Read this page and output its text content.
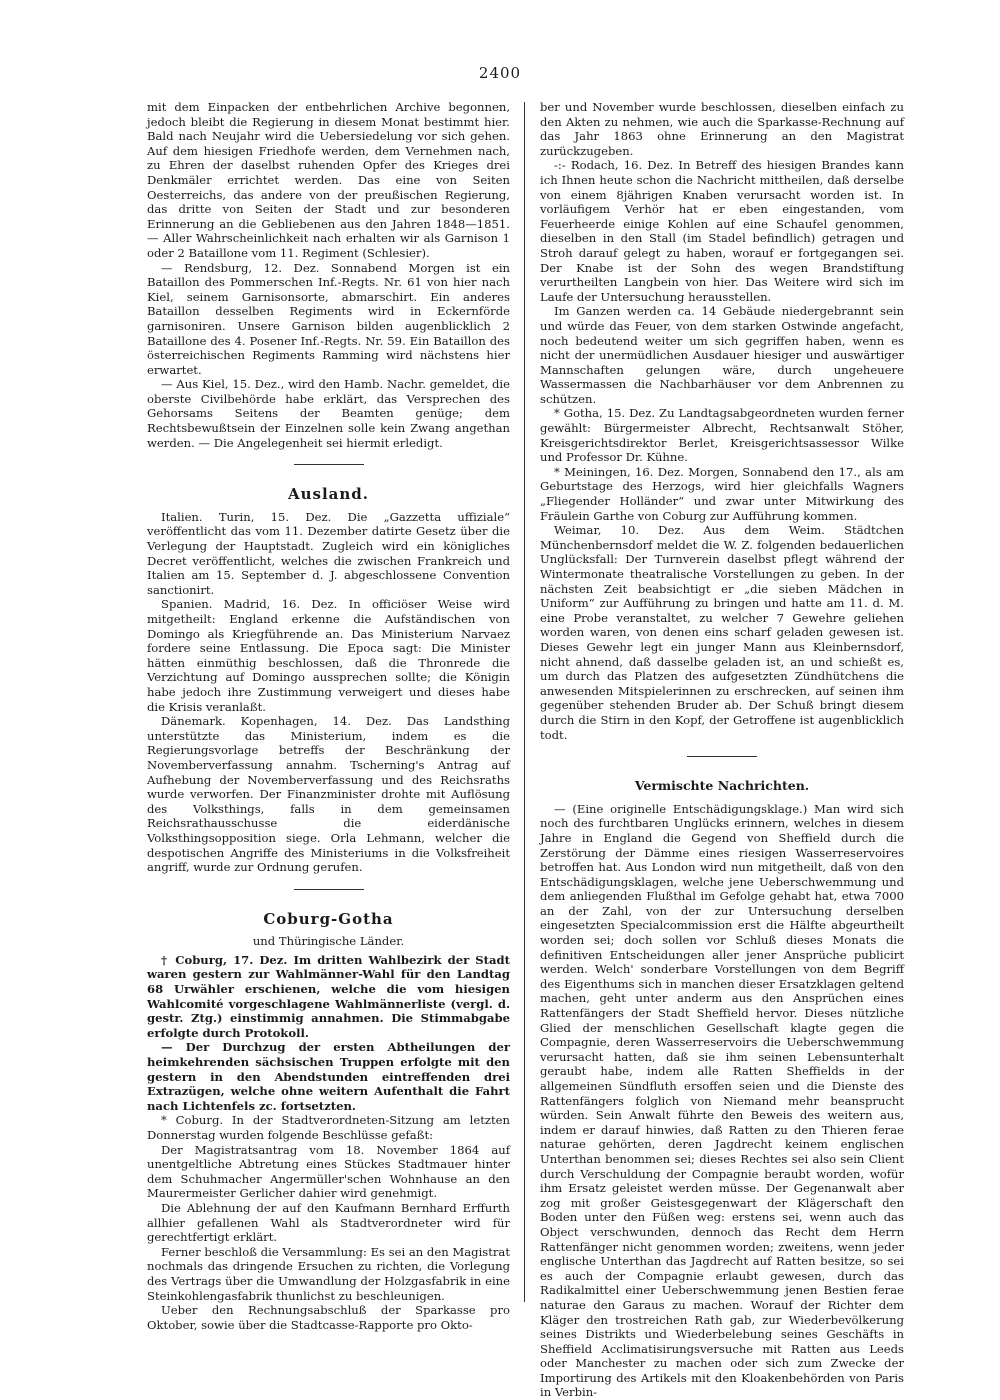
2400

mit dem Einpacken der entbehrlichen Archive begonnen, jedoch bleibt die Regierung in diesem Monat bestimmt hier. Bald nach Neujahr wird die Uebersiedelung vor sich gehen. Auf dem hiesigen Friedhofe werden, dem Vernehmen nach, zu Ehren der daselbst ruhenden Opfer des Krieges drei Denkmäler errichtet werden. Das eine von Seiten Oesterreichs, das andere von der preußischen Regierung, das dritte von Seiten der Stadt und zur besonderen Erinnerung an die Gebliebenen aus den Jahren 1848—1851. — Aller Wahrscheinlichkeit nach erhalten wir als Garnison 1 oder 2 Bataillone vom 11. Regiment (Schlesier).

— Rendsburg, 12. Dez. Sonnabend Morgen ist ein Bataillon des Pommerschen Inf.-Regts. Nr. 61 von hier nach Kiel, seinem Garnisonsorte, abmarschirt. Ein anderes Bataillon desselben Regiments wird in Eckernförde garnisoniren. Unsere Garnison bilden augenblicklich 2 Bataillone des 4. Posener Inf.-Regts. Nr. 59. Ein Bataillon des österreichischen Regiments Ramming wird nächstens hier erwartet.

— Aus Kiel, 15. Dez., wird den Hamb. Nachr. gemeldet, die oberste Civilbehörde habe erklärt, das Versprechen des Gehorsams Seitens der Beamten genüge; dem Rechtsbewußtsein der Einzelnen solle kein Zwang angethan werden. — Die Angelegenheit sei hiermit erledigt.

Ausland.

Italien. Turin, 15. Dez. Die „Gazzetta uffiziale“ veröffentlicht das vom 11. Dezember datirte Gesetz über die Verlegung der Hauptstadt. Zugleich wird ein königliches Decret veröffentlicht, welches die zwischen Frankreich und Italien am 15. September d. J. abgeschlossene Convention sanctionirt.

Spanien. Madrid, 16. Dez. In officiöser Weise wird mitgetheilt: England erkenne die Aufständischen von Domingo als Kriegführende an. Das Ministerium Narvaez fordere seine Entlassung. Die Epoca sagt: Die Minister hätten einmüthig beschlossen, daß die Thronrede die Verzichtung auf Domingo aussprechen sollte; die Königin habe jedoch ihre Zustimmung verweigert und dieses habe die Krisis veranlaßt.

Dänemark. Kopenhagen, 14. Dez. Das Landsthing unterstützte das Ministerium, indem es die Regierungsvorlage betreffs der Beschränkung der Novemberverfassung annahm. Tscherning's Antrag auf Aufhebung der Novemberverfassung und des Reichsraths wurde verworfen. Der Finanzminister drohte mit Auflösung des Volksthings, falls in dem gemeinsamen Reichsrathausschusse die eiderdänische Volksthingsopposition siege. Orla Lehmann, welcher die despotischen Angriffe des Ministeriums in die Volksfreiheit angriff, wurde zur Ordnung gerufen.

Coburg-Gotha
und Thüringische Länder.

† Coburg, 17. Dez. Im dritten Wahlbezirk der Stadt waren gestern zur Wahlmänner-Wahl für den Landtag 68 Urwähler erschienen, welche die vom hiesigen Wahlcomité vorgeschlagene Wahlmännerliste (vergl. d. gestr. Ztg.) einstimmig annahmen. Die Stimmabgabe erfolgte durch Protokoll.

— Der Durchzug der ersten Abtheilungen der heimkehrenden sächsischen Truppen erfolgte mit den gestern in den Abendstunden eintreffenden drei Extrazügen, welche ohne weitern Aufenthalt die Fahrt nach Lichtenfels zc. fortsetzten.

* Coburg. In der Stadtverordneten-Sitzung am letzten Donnerstag wurden folgende Beschlüsse gefaßt:

Der Magistratsantrag vom 18. November 1864 auf unentgeltliche Abtretung eines Stückes Stadtmauer hinter dem Schuhmacher Angermüller'schen Wohnhause an den Maurermeister Gerlicher dahier wird genehmigt.

Die Ablehnung der auf den Kaufmann Bernhard Erffurth allhier gefallenen Wahl als Stadtverordneter wird für gerechtfertigt erklärt.

Ferner beschloß die Versammlung: Es sei an den Magistrat nochmals das dringende Ersuchen zu richten, die Vorlegung des Vertrags über die Umwandlung der Holzgasfabrik in eine Steinkohlengasfabrik thunlichst zu beschleunigen.

Ueber den Rechnungsabschluß der Sparkasse pro Oktober, sowie über die Stadtcasse-Rapporte pro Okto-

ber und November wurde beschlossen, dieselben einfach zu den Akten zu nehmen, wie auch die Sparkasse-Rechnung auf das Jahr 1863 ohne Erinnerung an den Magistrat zurückzugeben.

-:- Rodach, 16. Dez. In Betreff des hiesigen Brandes kann ich Ihnen heute schon die Nachricht mittheilen, daß derselbe von einem 8jährigen Knaben verursacht worden ist. In vorläufigem Verhör hat er eben eingestanden, vom Feuerheerde einige Kohlen auf eine Schaufel genommen, dieselben in den Stall (im Stadel befindlich) getragen und Stroh darauf gelegt zu haben, worauf er fortgegangen sei. Der Knabe ist der Sohn des wegen Brandstiftung verurtheilten Langbein von hier. Das Weitere wird sich im Laufe der Untersuchung herausstellen.

Im Ganzen werden ca. 14 Gebäude niedergebrannt sein und würde das Feuer, von dem starken Ostwinde angefacht, noch bedeutend weiter um sich gegriffen haben, wenn es nicht der unermüdlichen Ausdauer hiesiger und auswärtiger Mannschaften gelungen wäre, durch ungeheuere Wassermassen die Nachbarhäuser vor dem Anbrennen zu schützen.

* Gotha, 15. Dez. Zu Landtagsabgeordneten wurden ferner gewählt: Bürgermeister Albrecht, Rechtsanwalt Stöher, Kreisgerichtsdirektor Berlet, Kreisgerichtsassessor Wilke und Professor Dr. Kühne.

* Meiningen, 16. Dez. Morgen, Sonnabend den 17., als am Geburtstage des Herzogs, wird hier gleichfalls Wagners „Fliegender Holländer“ und zwar unter Mitwirkung des Fräulein Garthe von Coburg zur Aufführung kommen.

Weimar, 10. Dez. Aus dem Weim. Städtchen Münchenbernsdorf meldet die W. Z. folgenden bedauerlichen Unglücksfall: Der Turnverein daselbst pflegt während der Wintermonate theatralische Vorstellungen zu geben. In der nächsten Zeit beabsichtigt er „die sieben Mädchen in Uniform“ zur Aufführung zu bringen und hatte am 11. d. M. eine Probe veranstaltet, zu welcher 7 Gewehre geliehen worden waren, von denen eins scharf geladen gewesen ist. Dieses Gewehr legt ein junger Mann aus Kleinbernsdorf, nicht ahnend, daß dasselbe geladen ist, an und schießt es, um durch das Platzen des aufgesetzten Zündhütchens die anwesenden Mitspielerinnen zu erschrecken, auf seinen ihm gegenüber stehenden Bruder ab. Der Schuß bringt diesem durch die Stirn in den Kopf, der Getroffene ist augenblicklich todt.

Vermischte Nachrichten.

— (Eine originelle Entschädigungsklage.) Man wird sich noch des furchtbaren Unglücks erinnern, welches in diesem Jahre in England die Gegend von Sheffield durch die Zerstörung der Dämme eines riesigen Wasserreservoires betroffen hat. Aus London wird nun mitgetheilt, daß von den Entschädigungsklagen, welche jene Ueberschwemmung und dem anliegenden Flußthal im Gefolge gehabt hat, etwa 7000 an der Zahl, von der zur Untersuchung derselben eingesetzten Specialcommission erst die Hälfte abgeurtheilt worden sei; doch sollen vor Schluß dieses Monats die definitiven Entscheidungen aller jener Ansprüche publicirt werden. Welch' sonderbare Vorstellungen von dem Begriff des Eigenthums sich in manchen dieser Ersatzklagen geltend machen, geht unter anderm aus den Ansprüchen eines Rattenfängers der Stadt Sheffield hervor. Dieses nützliche Glied der menschlichen Gesellschaft klagte gegen die Compagnie, deren Wasserreservoirs die Ueberschwemmung verursacht hatten, daß sie ihm seinen Lebensunterhalt geraubt habe, indem alle Ratten Sheffields in der allgemeinen Sündfluth ersoffen seien und die Dienste des Rattenfängers folglich von Niemand mehr beansprucht würden. Sein Anwalt führte den Beweis des weitern aus, indem er darauf hinwies, daß Ratten zu den Thieren ferae naturae gehörten, deren Jagdrecht keinem englischen Unterthan benommen sei; dieses Rechtes sei also sein Client durch Verschuldung der Compagnie beraubt worden, wofür ihm Ersatz geleistet werden müsse. Der Gegenanwalt aber zog mit großer Geistesgegenwart der Klägerschaft den Boden unter den Füßen weg: erstens sei, wenn auch das Object verschwunden, dennoch das Recht dem Herrn Rattenfänger nicht genommen worden; zweitens, wenn jeder englische Unterthan das Jagdrecht auf Ratten besitze, so sei es auch der Compagnie erlaubt gewesen, durch das Radikalmittel einer Ueberschwemmung jenen Bestien ferae naturae den Garaus zu machen. Worauf der Richter dem Kläger den trostreichen Rath gab, zur Wiederbevölkerung seines Distrikts und Wiederbelebung seines Geschäfts in Sheffield Acclimatisirungsversuche mit Ratten aus Leeds oder Manchester zu machen oder sich zum Zwecke der Importirung des Artikels mit den Kloakenbehörden von Paris in Verbin-
